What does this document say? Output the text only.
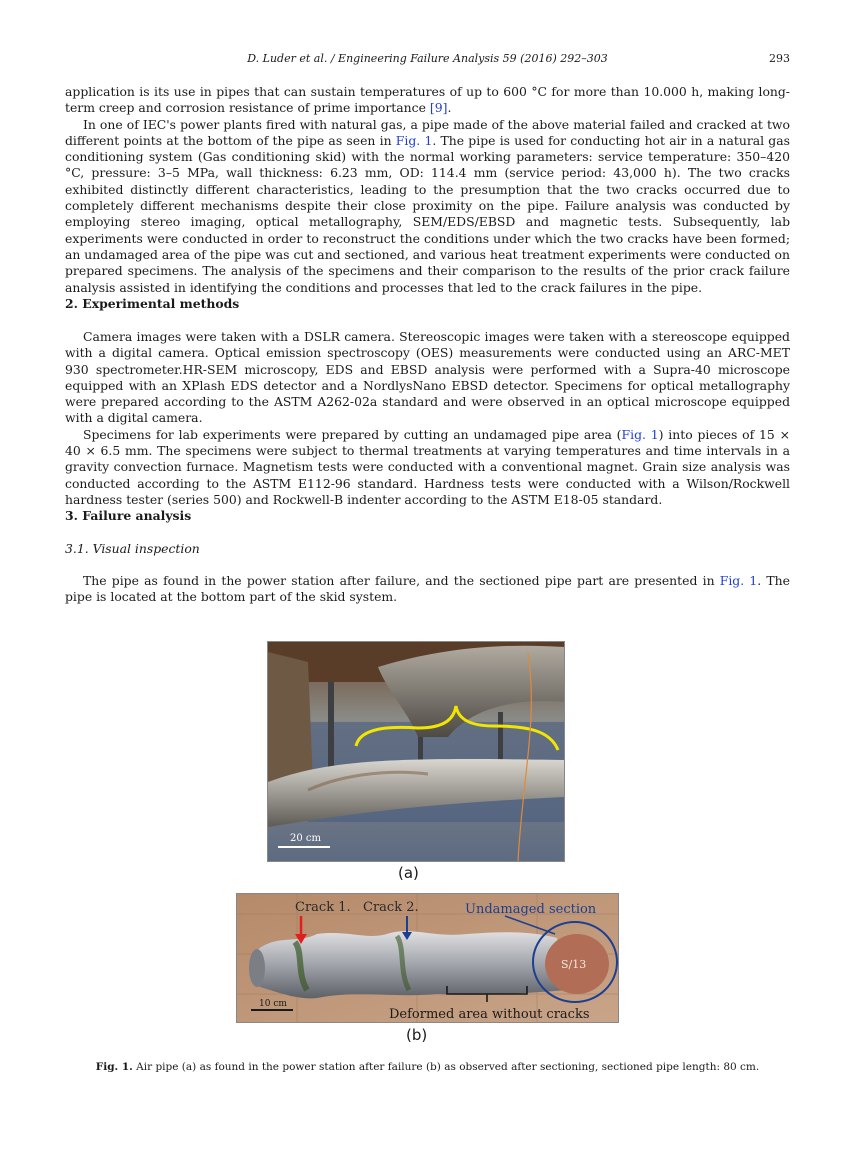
D. Luder et al. / Engineering Failure Analysis 59 (2016) 292–303	293

application is its use in pipes that can sustain temperatures of up to 600 °C for more than 10.000 h, making long-term creep and corrosion resistance of prime importance [9].

In one of IEC's power plants fired with natural gas, a pipe made of the above material failed and cracked at two different points at the bottom of the pipe as seen in Fig. 1. The pipe is used for conducting hot air in a natural gas conditioning system (Gas conditioning skid) with the normal working parameters: service temperature: 350–420 °C, pressure: 3–5 MPa, wall thickness: 6.23 mm, OD: 114.4 mm (service period: 43,000 h). The two cracks exhibited distinctly different characteristics, leading to the presumption that the two cracks occurred due to completely different mechanisms despite their close proximity on the pipe. Failure analysis was conducted by employing stereo imaging, optical metallography, SEM/EDS/EBSD and magnetic tests. Subsequently, lab experiments were conducted in order to reconstruct the conditions under which the two cracks have been formed; an undamaged area of the pipe was cut and sectioned, and various heat treatment experiments were conducted on prepared specimens. The analysis of the specimens and their comparison to the results of the prior crack failure analysis assisted in identifying the conditions and processes that led to the crack failures in the pipe.

2. Experimental methods

Camera images were taken with a DSLR camera. Stereoscopic images were taken with a stereoscope equipped with a digital camera. Optical emission spectroscopy (OES) measurements were conducted using an ARC-MET 930 spectrometer.HR-SEM microscopy, EDS and EBSD analysis were performed with a Supra-40 microscope equipped with an XPlash EDS detector and a NordlysNano EBSD detector. Specimens for optical metallography were prepared according to the ASTM A262-02a standard and were observed in an optical microscope equipped with a digital camera.

Specimens for lab experiments were prepared by cutting an undamaged pipe area (Fig. 1) into pieces of 15 × 40 × 6.5 mm. The specimens were subject to thermal treatments at varying temperatures and time intervals in a gravity convection furnace. Magnetism tests were conducted with a conventional magnet. Grain size analysis was conducted according to the ASTM E112-96 standard. Hardness tests were conducted with a Wilson/Rockwell hardness tester (series 500) and Rockwell-B indenter according to the ASTM E18-05 standard.

3. Failure analysis

3.1. Visual inspection

The pipe as found in the power station after failure, and the sectioned pipe part are presented in Fig. 1. The pipe is located at the bottom part of the skid system.

20 cm
(a)
S/13
Crack 1. Crack 2.	Undamaged section
Deformed area without cracks
10 cm
(b)
Fig. 1. Air pipe (a) as found in the power station after failure (b) as observed after sectioning, sectioned pipe length: 80 cm.
